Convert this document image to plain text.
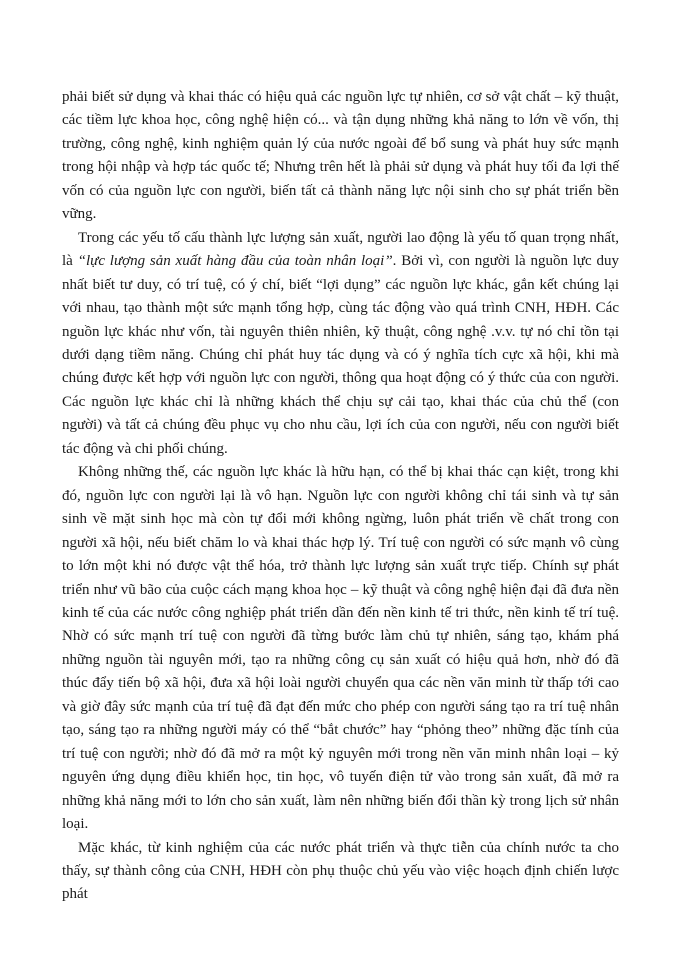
phải biết sử dụng và khai thác có hiệu quả các nguồn lực tự nhiên, cơ sở vật chất – kỹ thuật, các tiềm lực khoa học, công nghệ hiện có... và tận dụng những khả năng to lớn về vốn, thị trường, công nghệ, kinh nghiệm quản lý của nước ngoài để bổ sung và phát huy sức mạnh trong hội nhập và hợp tác quốc tế; Nhưng trên hết là phải sử dụng và phát huy tối đa lợi thế vốn có của nguồn lực con người, biến tất cả thành năng lực nội sinh cho sự phát triển bền vững.

Trong các yếu tố cấu thành lực lượng sản xuất, người lao động là yếu tố quan trọng nhất, là “lực lượng sản xuất hàng đầu của toàn nhân loại”. Bởi vì, con người là nguồn lực duy nhất biết tư duy, có trí tuệ, có ý chí, biết “lợi dụng” các nguồn lực khác, gắn kết chúng lại với nhau, tạo thành một sức mạnh tổng hợp, cùng tác động vào quá trình CNH, HĐH. Các nguồn lực khác như vốn, tài nguyên thiên nhiên, kỹ thuật, công nghệ .v.v. tự nó chỉ tồn tại dưới dạng tiềm năng. Chúng chỉ phát huy tác dụng và có ý nghĩa tích cực xã hội, khi mà chúng được kết hợp với nguồn lực con người, thông qua hoạt động có ý thức của con người. Các nguồn lực khác chỉ là những khách thể chịu sự cải tạo, khai thác của chủ thể (con người) và tất cả chúng đều phục vụ cho nhu cầu, lợi ích của con người, nếu con người biết tác động và chi phối chúng.

Không những thế, các nguồn lực khác là hữu hạn, có thể bị khai thác cạn kiệt, trong khi đó, nguồn lực con người lại là vô hạn. Nguồn lực con người không chỉ tái sinh và tự sản sinh về mặt sinh học mà còn tự đổi mới không ngừng, luôn phát triển về chất trong con người xã hội, nếu biết chăm lo và khai thác hợp lý. Trí tuệ con người có sức mạnh vô cùng to lớn một khi nó được vật thể hóa, trở thành lực lượng sản xuất trực tiếp. Chính sự phát triển như vũ bão của cuộc cách mạng khoa học – kỹ thuật và công nghệ hiện đại đã đưa nền kinh tế của các nước công nghiệp phát triển dần đến nền kinh tế tri thức, nền kinh tế trí tuệ. Nhờ có sức mạnh trí tuệ con người đã từng bước làm chủ tự nhiên, sáng tạo, khám phá những nguồn tài nguyên mới, tạo ra những công cụ sản xuất có hiệu quả hơn, nhờ đó đã thúc đẩy tiến bộ xã hội, đưa xã hội loài người chuyển qua các nền văn minh từ thấp tới cao và giờ đây sức mạnh của trí tuệ đã đạt đến mức cho phép con người sáng tạo ra trí tuệ nhân tạo, sáng tạo ra những người máy có thể “bắt chước” hay “phỏng theo” những đặc tính của trí tuệ con người; nhờ đó đã mở ra một kỷ nguyên mới trong nền văn minh nhân loại – kỷ nguyên ứng dụng điều khiển học, tin học, vô tuyến điện tử vào trong sản xuất, đã mở ra những khả năng mới to lớn cho sản xuất, làm nên những biến đổi thần kỳ trong lịch sử nhân loại.

Mặc khác, từ kinh nghiệm của các nước phát triển và thực tiễn của chính nước ta cho thấy, sự thành công của CNH, HĐH còn phụ thuộc chủ yếu vào việc hoạch định chiến lược phát
